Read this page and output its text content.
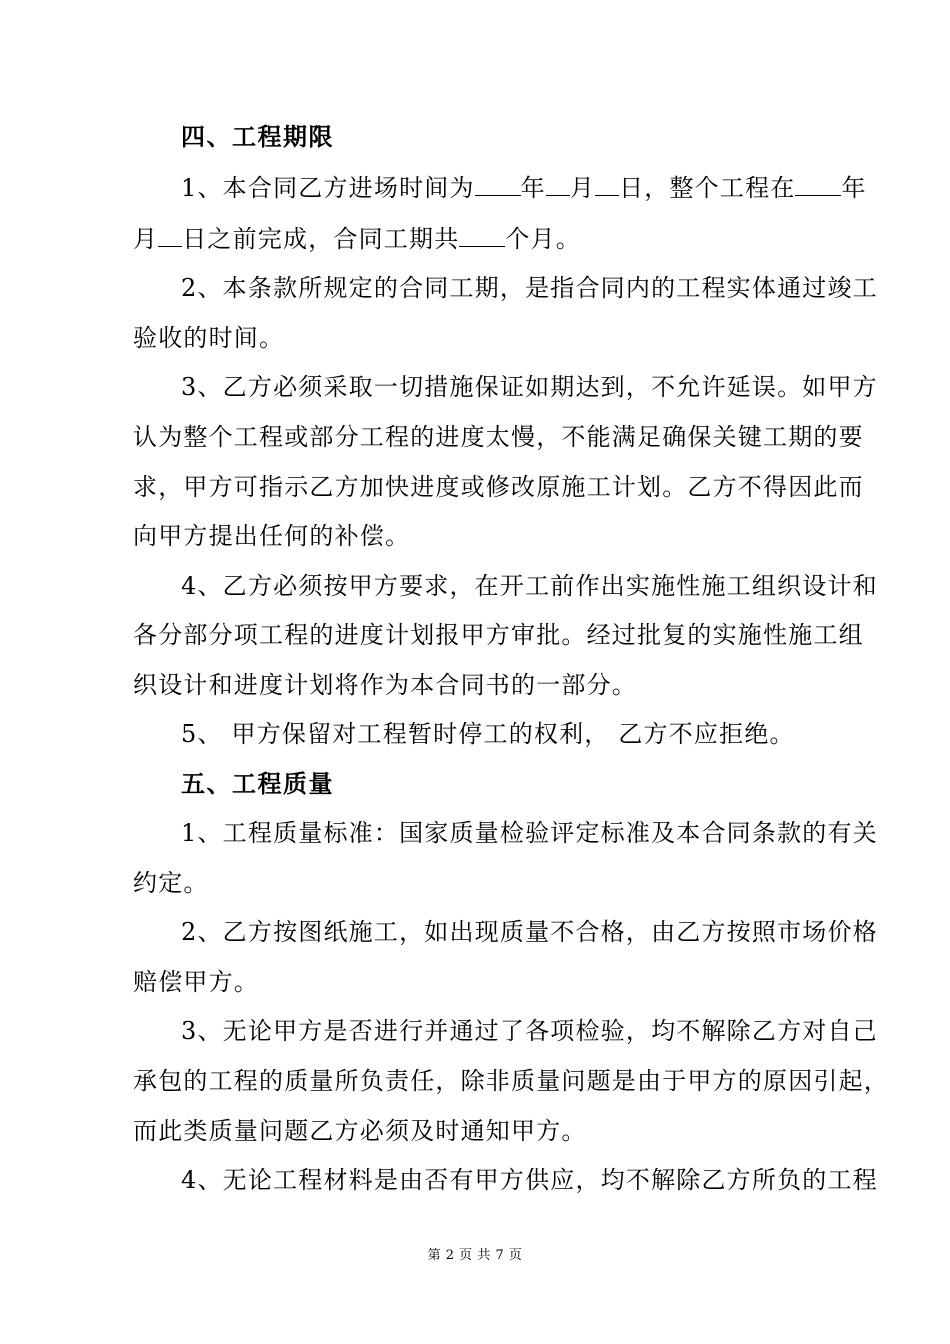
四、工程期限
1、本合同乙方进场时间为 年 月 日，整个工程在 年
月 日之前完成，合同工期共 个月。
2、本条款所规定的合同工期，是指合同内的工程实体通过竣工
验收的时间。
3、乙方必须采取一切措施保证如期达到，不允许延误。如甲方
认为整个工程或部分工程的进度太慢，不能满足确保关键工期的要
求，甲方可指示乙方加快进度或修改原施工计划。乙方不得因此而
向甲方提出任何的补偿。
4、乙方必须按甲方要求，在开工前作出实施性施工组织设计和
各分部分项工程的进度计划报甲方审批。经过批复的实施性施工组
织设计和进度计划将作为本合同书的一部分。
5、 甲方保留对工程暂时停工的权利， 乙方不应拒绝。
五、工程质量
1、工程质量标准：国家质量检验评定标准及本合同条款的有关
约定。
2、乙方按图纸施工，如出现质量不合格，由乙方按照市场价格
赔偿甲方。
3、无论甲方是否进行并通过了各项检验，均不解除乙方对自己
承包的工程的质量所负责任，除非质量问题是由于甲方的原因引起，
而此类质量问题乙方必须及时通知甲方。
4、无论工程材料是由否有甲方供应，均不解除乙方所负的工程
第 2 页 共 7 页
